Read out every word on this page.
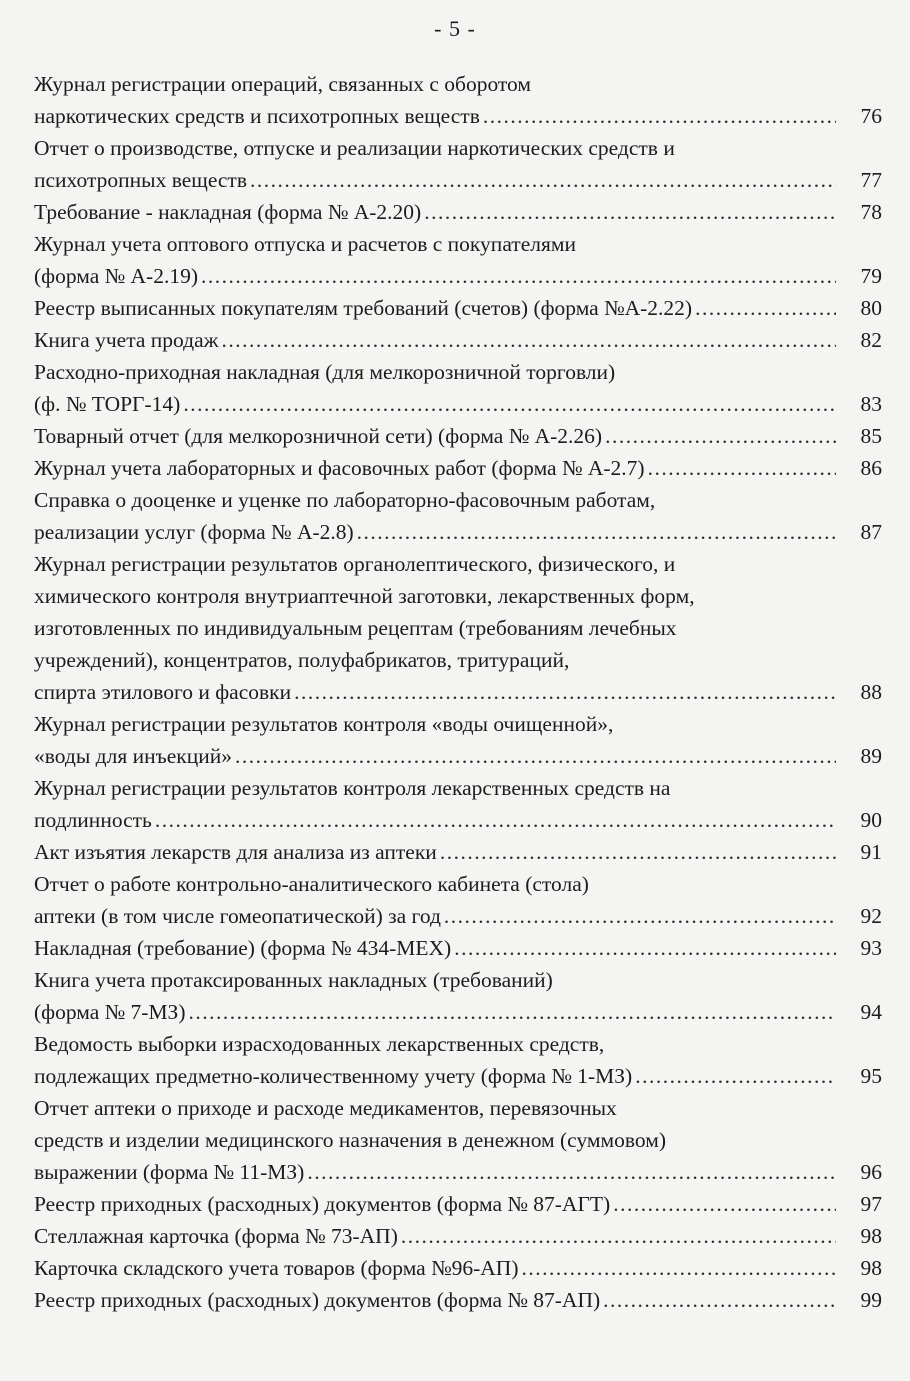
- 5 -
Журнал регистрации операций, связанных с оборотом
наркотических средств и психотропных веществ .....	76
Отчет о производстве, отпуске и реализации наркотических средств и
психотропных веществ .....	77
Требование - накладная (форма № А-2.20) .....	78
Журнал учета оптового отпуска и расчетов с покупателями
(форма № А-2.19) .....	79
Реестр выписанных покупателям требований (счетов) (форма №А-2.22) .....	80
Книга учета продаж .....	82
Расходно-приходная накладная (для мелкорозничной торговли)
(ф. № ТОРГ-14) .....	83
Товарный отчет (для мелкорозничной сети) (форма № А-2.26) .....	85
Журнал учета лабораторных и фасовочных работ (форма № А-2.7) .....	86
Справка о дооценке и уценке по лабораторно-фасовочным работам,
реализации услуг (форма № А-2.8) .....	87
Журнал регистрации результатов органолептического, физического, и
химического контроля внутриаптечной заготовки, лекарственных форм,
изготовленных по индивидуальным рецептам (требованиям лечебных
учреждений), концентратов, полуфабрикатов, тритураций,
спирта этилового и фасовки .....	88
Журнал регистрации результатов контроля «воды очищенной»,
«воды для инъекций» .....	89
Журнал регистрации результатов контроля лекарственных средств на
подлинность .....	90
Акт изъятия лекарств для анализа из аптеки .....	91
Отчет о работе контрольно-аналитического кабинета (стола)
аптеки (в том числе гомеопатической) за год .....	92
Накладная (требование) (форма № 434-МЕХ) .....	93
Книга учета протаксированных накладных (требований)
(форма № 7-МЗ) .....	94
Ведомость выборки израсходованных лекарственных средств,
подлежащих предметно-количественному учету (форма № 1-МЗ) .....	95
Отчет аптеки о приходе и расходе медикаментов, перевязочных
средств и изделии медицинского назначения в денежном (суммовом)
выражении (форма № 11-МЗ) .....	96
Реестр приходных (расходных) документов (форма № 87-АГТ) .....	97
Стеллажная карточка (форма № 73-АП) .....	98
Карточка складского учета товаров (форма №96-АП) .....	98
Реестр приходных (расходных) документов (форма № 87-АП) .....	99
